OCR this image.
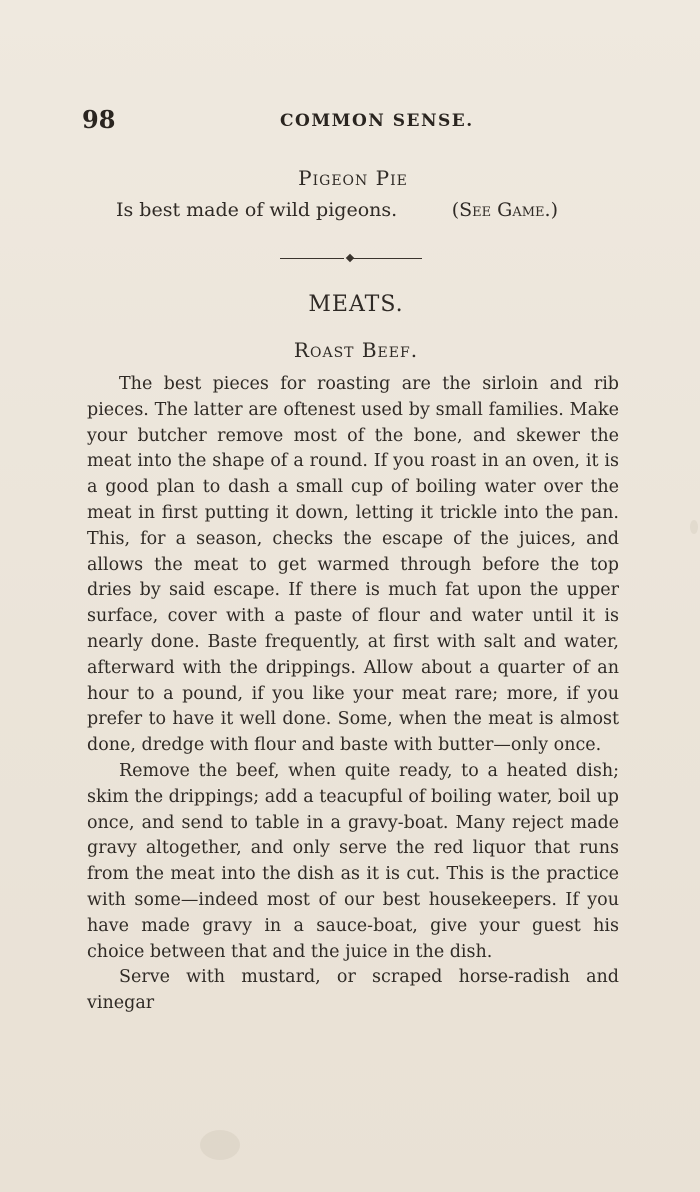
98	COMMON SENSE.
Pigeon Pie
Is best made of wild pigeons.	(See Game.)
MEATS.
Roast Beef.

The best pieces for roasting are the sirloin and rib pieces. The latter are oftenest used by small families. Make your butcher remove most of the bone, and skewer the meat into the shape of a round. If you roast in an oven, it is a good plan to dash a small cup of boiling water over the meat in first putting it down, letting it trickle into the pan. This, for a season, checks the escape of the juices, and allows the meat to get warmed through before the top dries by said escape. If there is much fat upon the upper surface, cover with a paste of flour and water until it is nearly done. Baste frequently, at first with salt and water, afterward with the drippings. Allow about a quarter of an hour to a pound, if you like your meat rare; more, if you prefer to have it well done. Some, when the meat is almost done, dredge with flour and baste with butter—only once.

Remove the beef, when quite ready, to a heated dish; skim the drippings; add a teacupful of boiling water, boil up once, and send to table in a gravy-boat. Many reject made gravy altogether, and only serve the red liquor that runs from the meat into the dish as it is cut. This is the practice with some—indeed most of our best housekeepers. If you have made gravy in a sauce-boat, give your guest his choice between that and the juice in the dish.

Serve with mustard, or scraped horse-radish and vinegar
